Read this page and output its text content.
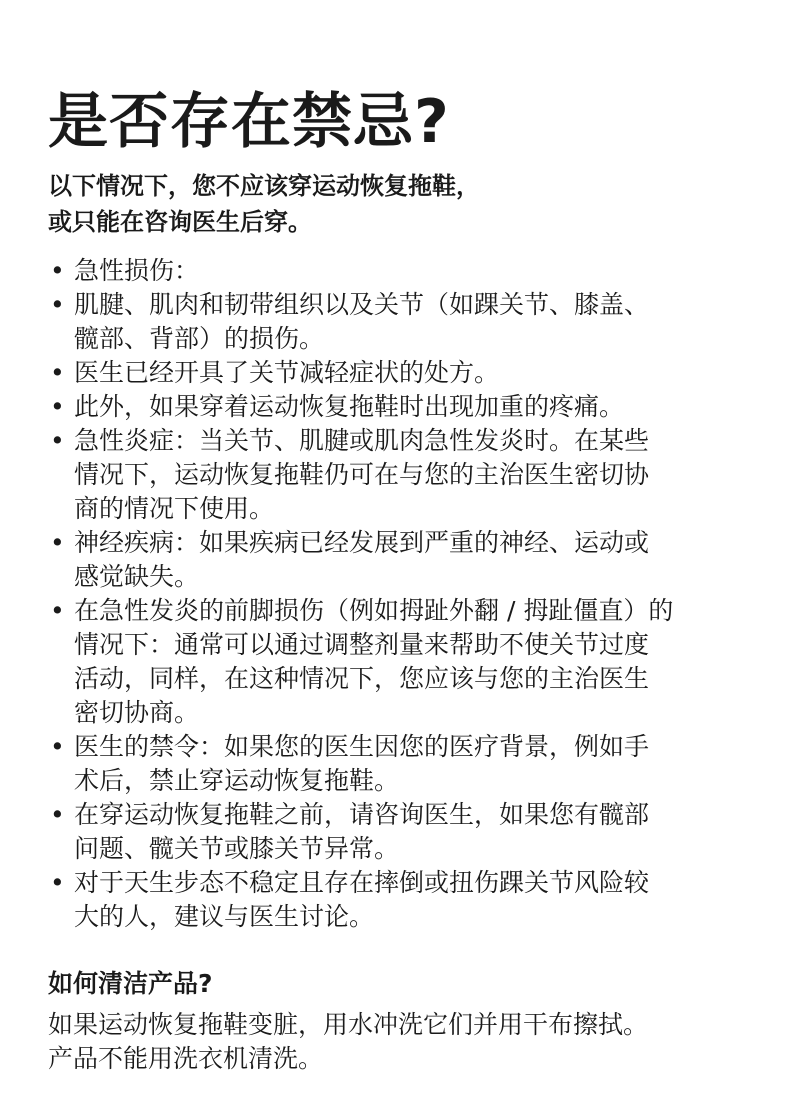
是否存在禁忌?

以下情况下，您不应该穿运动恢复拖鞋，
或只能在咨询医生后穿。

• 急性损伤：
• 肌腱、肌肉和韧带组织以及关节（如踝关节、膝盖、
髋部、背部）的损伤。
• 医生已经开具了关节减轻症状的处方。
• 此外，如果穿着运动恢复拖鞋时出现加重的疼痛。
• 急性炎症：当关节、肌腱或肌肉急性发炎时。在某些
情况下，运动恢复拖鞋仍可在与您的主治医生密切协
商的情况下使用。
• 神经疾病：如果疾病已经发展到严重的神经、运动或
感觉缺失。
• 在急性发炎的前脚损伤（例如拇趾外翻 / 拇趾僵直）的
情况下：通常可以通过调整剂量来帮助不使关节过度
活动，同样，在这种情况下，您应该与您的主治医生
密切协商。
• 医生的禁令：如果您的医生因您的医疗背景，例如手
术后，禁止穿运动恢复拖鞋。
• 在穿运动恢复拖鞋之前，请咨询医生，如果您有髋部
问题、髋关节或膝关节异常。
• 对于天生步态不稳定且存在摔倒或扭伤踝关节风险较
大的人，建议与医生讨论。
如何清洁产品?

如果运动恢复拖鞋变脏，用水冲洗它们并用干布擦拭。
产品不能用洗衣机清洗。
